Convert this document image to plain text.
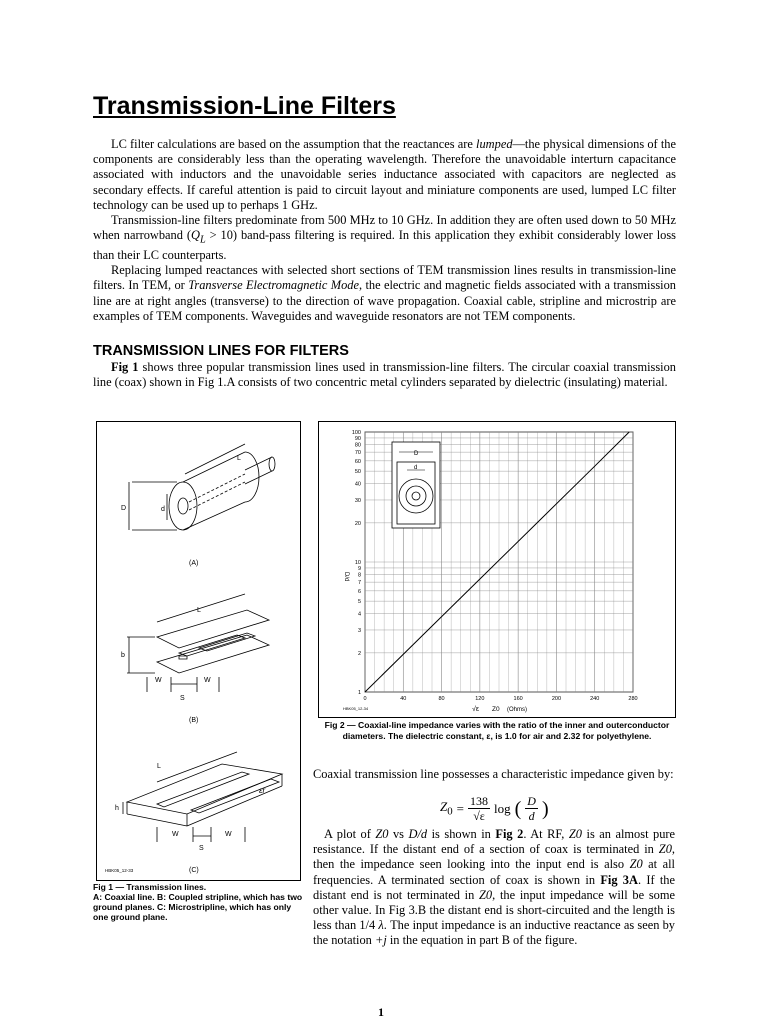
Transmission-Line Filters

LC filter calculations are based on the assumption that the reactances are lumped—the physical dimensions of the components are considerably less than the operating wavelength. Therefore the unavoidable interturn capacitance associated with inductors and the unavoidable series inductance associated with capacitors are neglected as secondary effects. If careful attention is paid to circuit layout and miniature components are used, lumped LC filter technology can be used up to perhaps 1 GHz.

Transmission-line filters predominate from 500 MHz to 10 GHz. In addition they are often used down to 50 MHz when narrowband $(Q_L > 10)$ band-pass filtering is required. In this application they exhibit considerably lower loss than their LC counterparts.

Replacing lumped reactances with selected short sections of TEM transmission lines results in transmission-line filters. In TEM, or Transverse Electromagnetic Mode, the electric and magnetic fields associated with a transmission line are at right angles (transverse) to the direction of wave propagation. Coaxial cable, stripline and microstrip are examples of TEM components. Waveguides and waveguide resonators are not TEM components.

TRANSMISSION LINES FOR FILTERS

Fig 1 shows three popular transmission lines used in transmission-line filters. The circular coaxial transmission line (coax) shown in Fig 1.A consists of two concentric metal cylinders separated by dielectric (insulating) material.

L
D	d
(A)
L
b
W	W
S
(B)
L
εr
h
W	W
S
(C)
HBK05_12-33
Fig 1 — Transmission lines.
A: Coaxial line. B: Coupled stripline, which has two ground planes. C: Microstripline, which has only one ground plane.
1
2
3
4
5
6
7
8
9
10
20
30
40
50
60
70
80
90
100
0	40	80	120	160	200	240	280
D
d
D/d
√ε Z0 (Ohms)
HBK05_12-34
Fig 2 — Coaxial-line impedance varies with the ratio of the inner and outerconductor diameters. The dielectric constant, ε, is 1.0 for air and 2.32 for polyethylene.

Coaxial transmission line possesses a characteristic impedance given by:

$Z_0 = \frac{138}{√\varepsilon}$ log ( $\frac{D}{d}$ )

A plot of Z0 vs D/d is shown in Fig 2. At RF, Z0 is an almost pure resistance. If the distant end of a section of coax is terminated in Z0, then the impedance seen looking into the input end is also Z0 at all frequencies. A terminated section of coax is shown in Fig 3A. If the distant end is not terminated in Z0, the input impedance will be some other value. In Fig 3.B the distant end is short-circuited and the length is less than 1/4 λ. The input impedance is an inductive reactance as seen by the notation +j in the equation in part B of the figure.

1
